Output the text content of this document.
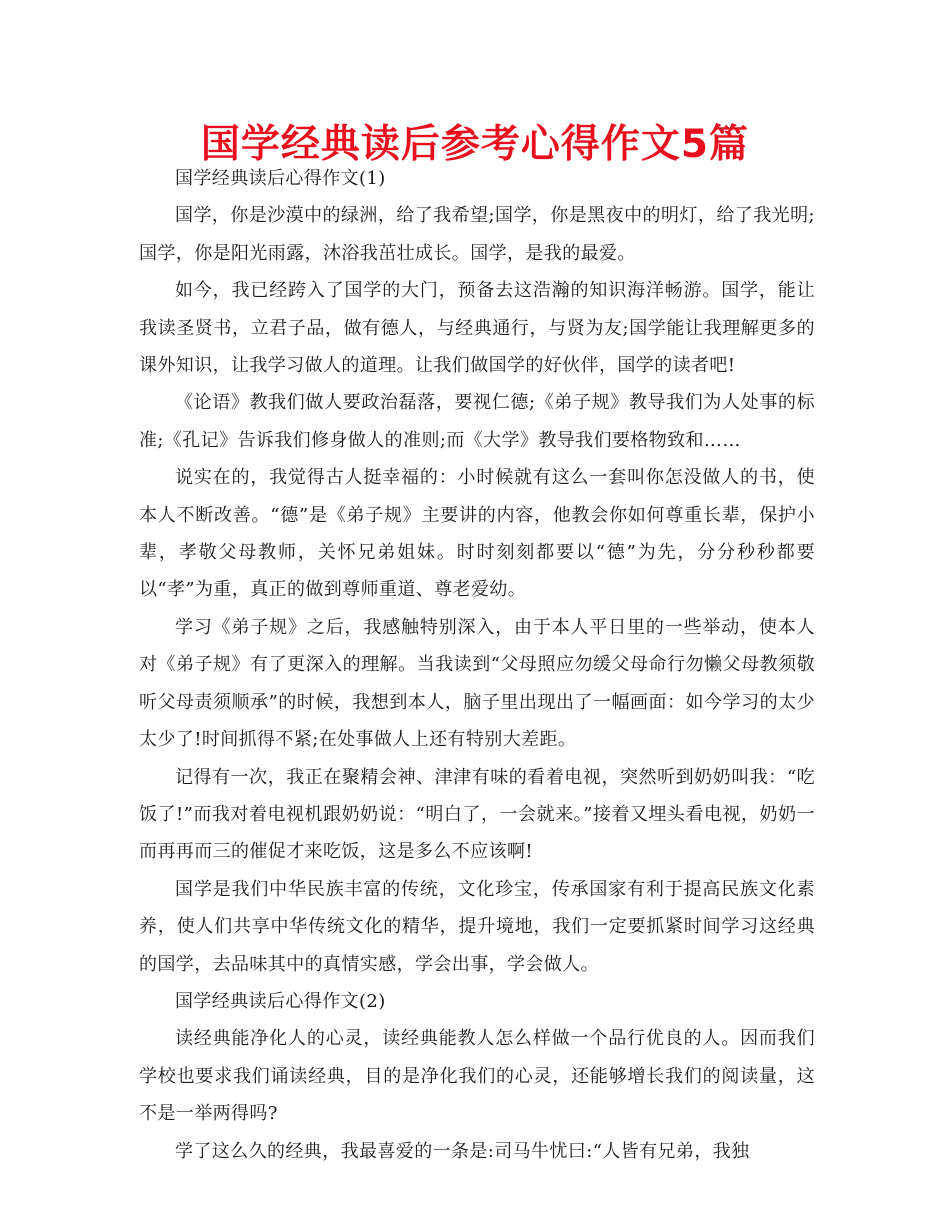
国学经典读后参考心得作文5篇

国学经典读后心得作文(1)

国学，你是沙漠中的绿洲，给了我希望;国学，你是黑夜中的明灯，给了我光明;国学，你是阳光雨露，沐浴我茁壮成长。国学，是我的最爱。

如今，我已经跨入了国学的大门，预备去这浩瀚的知识海洋畅游。国学，能让我读圣贤书，立君子品，做有德人，与经典通行，与贤为友;国学能让我理解更多的课外知识，让我学习做人的道理。让我们做国学的好伙伴，国学的读者吧!

《论语》教我们做人要政治磊落，要视仁德;《弟子规》教导我们为人处事的标准;《孔记》告诉我们修身做人的准则;而《大学》教导我们要格物致和……

说实在的，我觉得古人挺幸福的：小时候就有这么一套叫你怎没做人的书，使本人不断改善。“德”是《弟子规》主要讲的内容，他教会你如何尊重长辈，保护小辈，孝敬父母教师，关怀兄弟姐妹。时时刻刻都要以“德”为先，分分秒秒都要以“孝”为重，真正的做到尊师重道、尊老爱幼。

学习《弟子规》之后，我感触特别深入，由于本人平日里的一些举动，使本人对《弟子规》有了更深入的理解。当我读到“父母照应勿缓父母命行勿懒父母教须敬听父母责须顺承”的时候，我想到本人，脑子里出现出了一幅画面：如今学习的太少太少了!时间抓得不紧;在处事做人上还有特别大差距。

记得有一次，我正在聚精会神、津津有味的看着电视，突然听到奶奶叫我：“吃饭了!”而我对着电视机跟奶奶说：“明白了，一会就来。”接着又埋头看电视，奶奶一而再再而三的催促才来吃饭，这是多么不应该啊!

国学是我们中华民族丰富的传统，文化珍宝，传承国家有利于提高民族文化素养，使人们共享中华传统文化的精华，提升境地，我们一定要抓紧时间学习这经典的国学，去品味其中的真情实感，学会出事，学会做人。

国学经典读后心得作文(2)

读经典能净化人的心灵，读经典能教人怎么样做一个品行优良的人。因而我们学校也要求我们诵读经典，目的是净化我们的心灵，还能够增长我们的阅读量，这不是一举两得吗?

学了这么久的经典，我最喜爱的一条是:司马牛忧曰:“人皆有兄弟，我独
